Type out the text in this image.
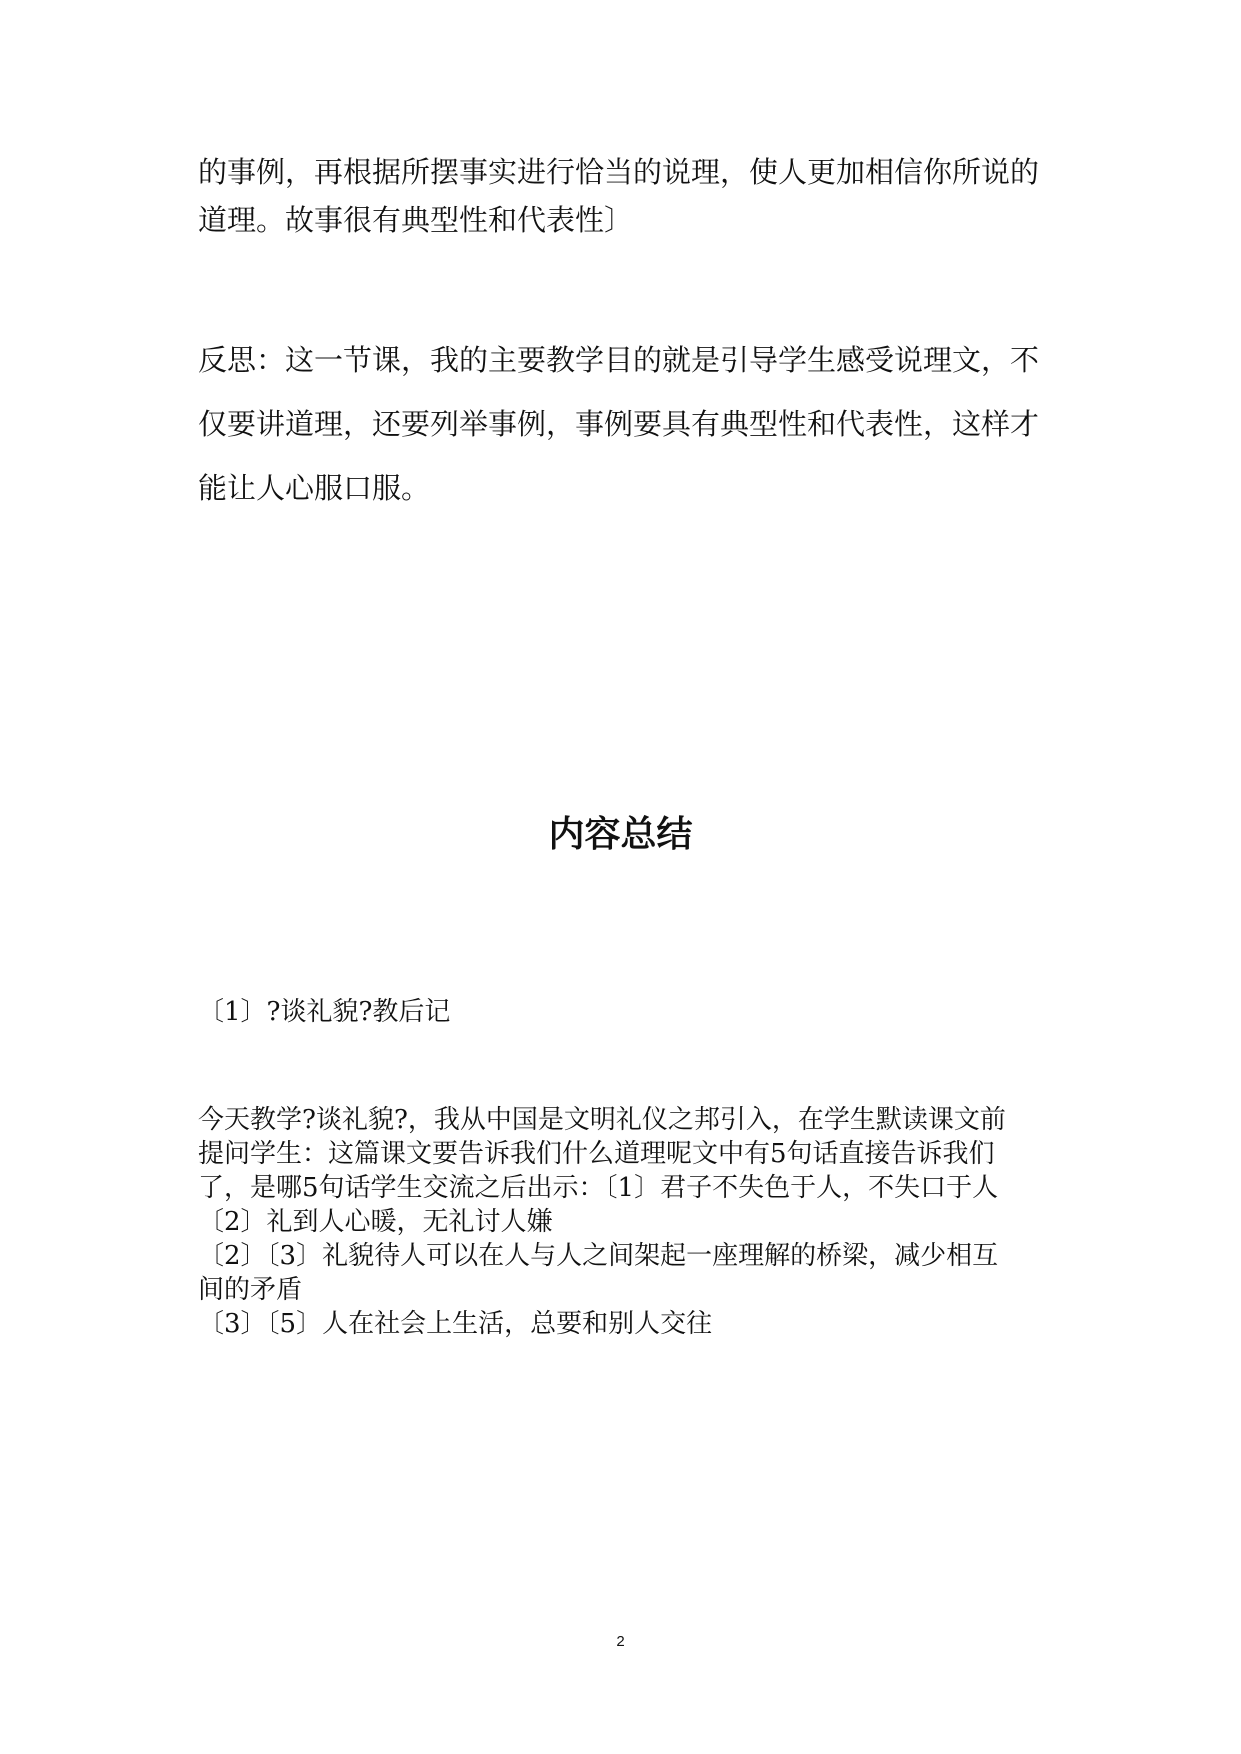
的事例，再根据所摆事实进行恰当的说理，使人更加相信你所说的
道理。故事很有典型性和代表性〕
反思：这一节课，我的主要教学目的就是引导学生感受说理文，不
仅要讲道理，还要列举事例，事例要具有典型性和代表性，这样才
能让人心服口服。
内容总结
〔1〕?谈礼貌?教后记
今天教学?谈礼貌?，我从中国是文明礼仪之邦引入，在学生默读课文前
提问学生：这篇课文要告诉我们什么道理呢文中有5句话直接告诉我们
了，是哪5句话学生交流之后出示：〔1〕君子不失色于人，不失口于人
〔2〕礼到人心暖，无礼讨人嫌
〔2〕〔3〕礼貌待人可以在人与人之间架起一座理解的桥梁，减少相互
间的矛盾
〔3〕〔5〕人在社会上生活，总要和别人交往
2
